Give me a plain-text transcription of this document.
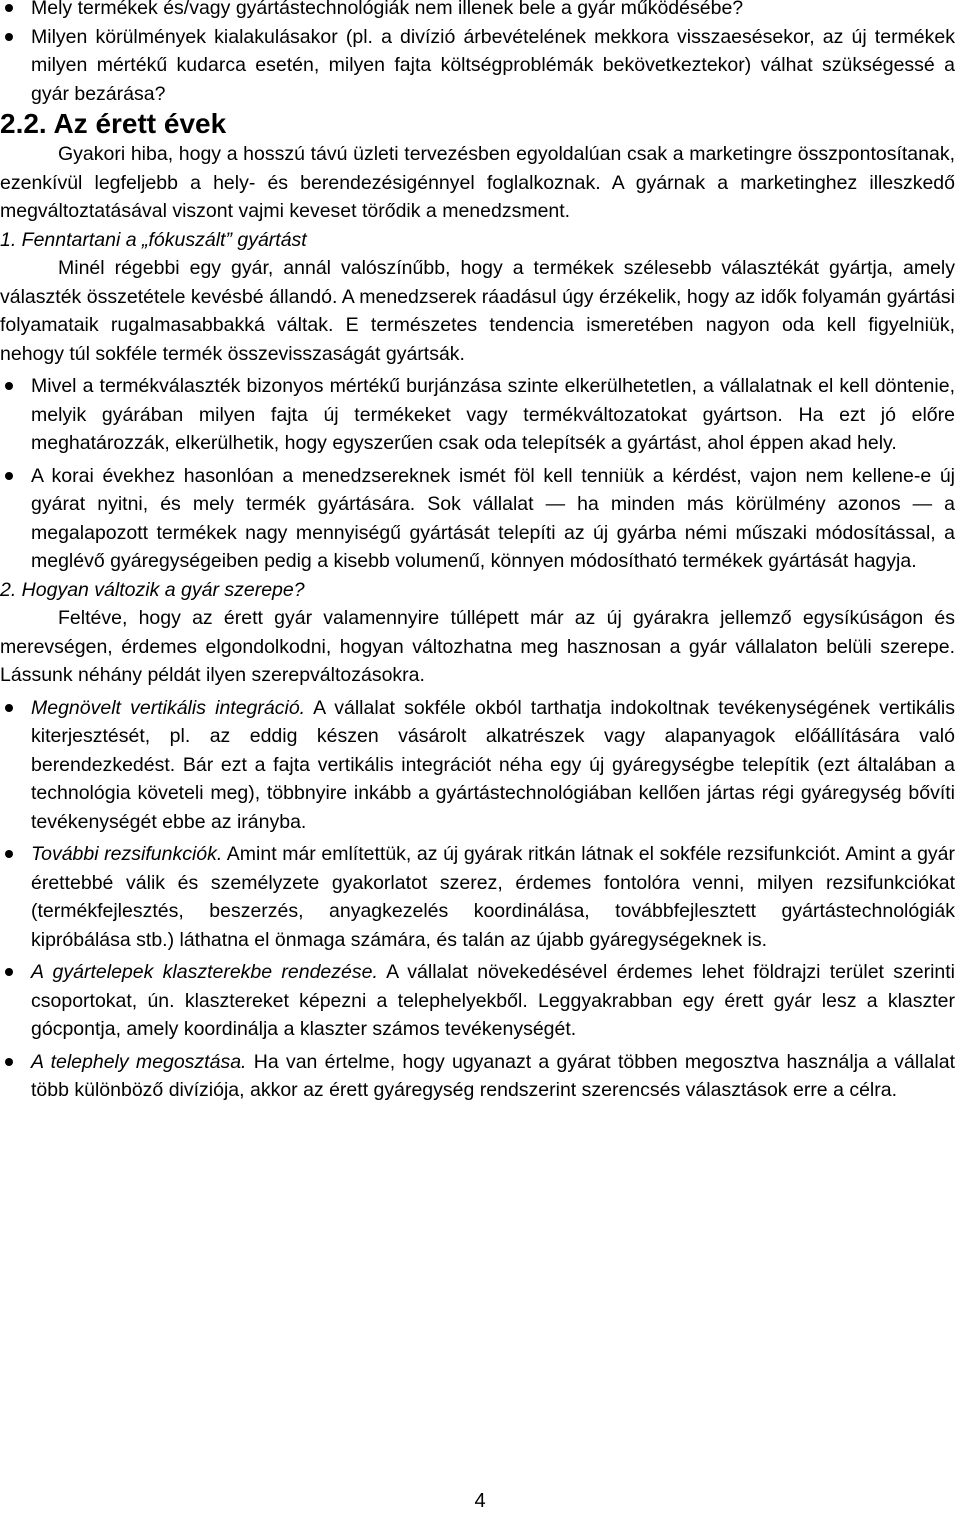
Mely termékek és/vagy gyártástechnológiák nem illenek bele a gyár működésébe?
Milyen körülmények kialakulásakor (pl. a divízió árbevételének mekkora visszaesésekor, az új termékek milyen mértékű kudarca esetén, milyen fajta költségproblémák bekövetkeztekor) válhat szükségessé a gyár bezárása?

2.2. Az érett évek

Gyakori hiba, hogy a hosszú távú üzleti tervezésben egyoldalúan csak a marketingre összpontosítanak, ezenkívül legfeljebb a hely- és berendezésigénnyel foglalkoznak. A gyárnak a marketinghez illeszkedő megváltoztatásával viszont vajmi keveset törődik a menedzsment.

1. Fenntartani a „fókuszált” gyártást

Minél régebbi egy gyár, annál valószínűbb, hogy a termékek szélesebb választékát gyártja, amely választék összetétele kevésbé állandó. A menedzserek ráadásul úgy érzékelik, hogy az idők folyamán gyártási folyamataik rugalmasabbakká váltak. E természetes tendencia ismeretében nagyon oda kell figyelniük, nehogy túl sokféle termék összevisszaságát gyártsák.

Mivel a termékválaszték bizonyos mértékű burjánzása szinte elkerülhetetlen, a vállalatnak el kell döntenie, melyik gyárában milyen fajta új termékeket vagy termékváltozatokat gyártson. Ha ezt jó előre meghatározzák, elkerülhetik, hogy egyszerűen csak oda telepítsék a gyártást, ahol éppen akad hely.
A korai évekhez hasonlóan a menedzsereknek ismét föl kell tenniük a kérdést, vajon nem kellene-e új gyárat nyitni, és mely termék gyártására. Sok vállalat — ha minden más körülmény azonos — a megalapozott termékek nagy mennyiségű gyártását telepíti az új gyárba némi műszaki módosítással, a meglévő gyáregységeiben pedig a kisebb volumenű, könnyen módosítható termékek gyártását hagyja.

2. Hogyan változik a gyár szerepe?

Feltéve, hogy az érett gyár valamennyire túllépett már az új gyárakra jellemző egysíkúságon és merevségen, érdemes elgondolkodni, hogyan változhatna meg hasznosan a gyár vállalaton belüli szerepe. Lássunk néhány példát ilyen szerepváltozásokra.

Megnövelt vertikális integráció. A vállalat sokféle okból tarthatja indokoltnak tevékenységének vertikális kiterjesztését, pl. az eddig készen vásárolt alkatrészek vagy alapanyagok előállítására való berendezkedést. Bár ezt a fajta vertikális integrációt néha egy új gyáregységbe telepítik (ezt általában a technológia követeli meg), többnyire inkább a gyártástechnológiában kellően jártas régi gyáregység bővíti tevékenységét ebbe az irányba.
További rezsifunkciók. Amint már említettük, az új gyárak ritkán látnak el sokféle rezsifunkciót. Amint a gyár érettebbé válik és személyzete gyakorlatot szerez, érdemes fontolóra venni, milyen rezsifunkciókat (termékfejlesztés, beszerzés, anyagkezelés koordinálása, továbbfejlesztett gyártástechnológiák kipróbálása stb.) láthatna el önmaga számára, és talán az újabb gyáregységeknek is.
A gyártelepek klaszterekbe rendezése. A vállalat növekedésével érdemes lehet földrajzi terület szerinti csoportokat, ún. klasztereket képezni a telephelyekből. Leggyakrabban egy érett gyár lesz a klaszter gócpontja, amely koordinálja a klaszter számos tevékenységét.
A telephely megosztása. Ha van értelme, hogy ugyanazt a gyárat többen megosztva használja a vállalat több különböző divíziója, akkor az érett gyáregység rendszerint szerencsés választások erre a célra.
4
